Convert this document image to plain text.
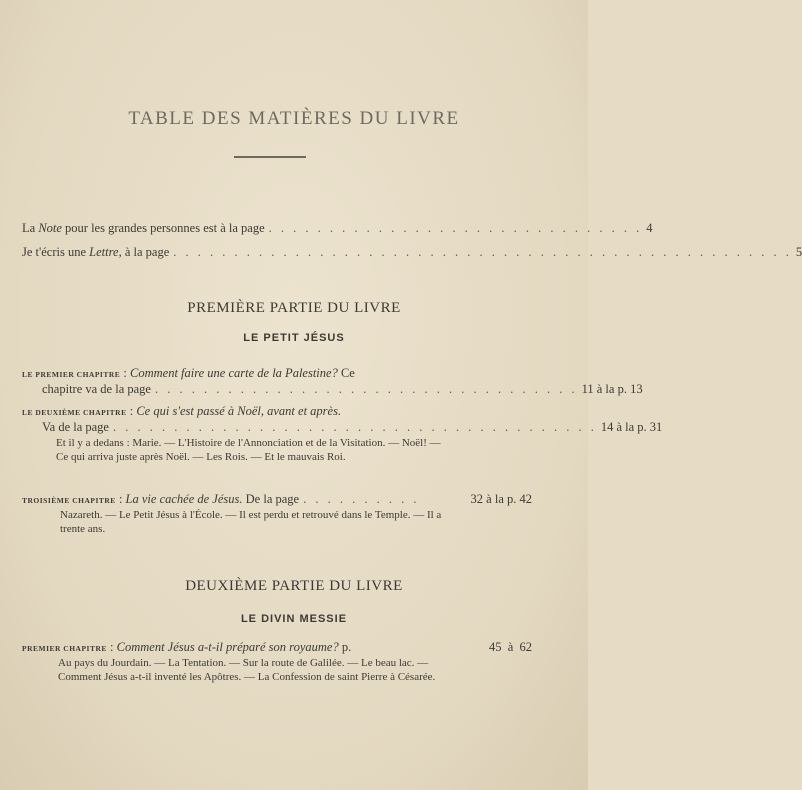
TABLE DES MATIÈRES DU LIVRE
La Note pour les grandes personnes est à la page . . . . . . . . . . . . . . . . . . . . . . . . . . . . . . . 4
Je t'écris une Lettre, à la page . . . . . . . . . . . . . . . . . . . . . . . . . . . . . . . . . . . . . . . . . . . . . . . . . . . 5
PREMIÈRE PARTIE DU LIVRE
LE PETIT JÉSUS
LE PREMIER CHAPITRE : Comment faire une carte de la Palestine? Ce
chapitre va de la page . . . . . . . . . . . . . . . . . . . . . . . . . . . . . . . . . . . 11 à la p. 13
LE DEUXIÈME CHAPITRE : Ce qui s'est passé à Noël, avant et après.
Va de la page . . . . . . . . . . . . . . . . . . . . . . . . . . . . . . . . . . . . . . . . 14 à la p. 31
Et il y a dedans : Marie. — L'Histoire de l'Annonciation et de la Visitation. — Noël! — Ce qui arriva juste après Noël. — Les Rois. — Et le mauvais Roi.
TROISIÈME CHAPITRE : La vie cachée de Jésus. De la page . . . . . . . . . .	32 à la p. 42
Nazareth. — Le Petit Jésus à l'École. — Il est perdu et retrouvé dans le Temple. — Il a trente ans.
DEUXIÈME PARTIE DU LIVRE
LE DIVIN MESSIE
PREMIER CHAPITRE : Comment Jésus a-t-il préparé son royaume? p.	45  à  62
Au pays du Jourdain. — La Tentation. — Sur la route de Galilée. — Le beau lac. — Comment Jésus a-t-il inventé les Apôtres. — La Confession de saint Pierre à Césarée.
